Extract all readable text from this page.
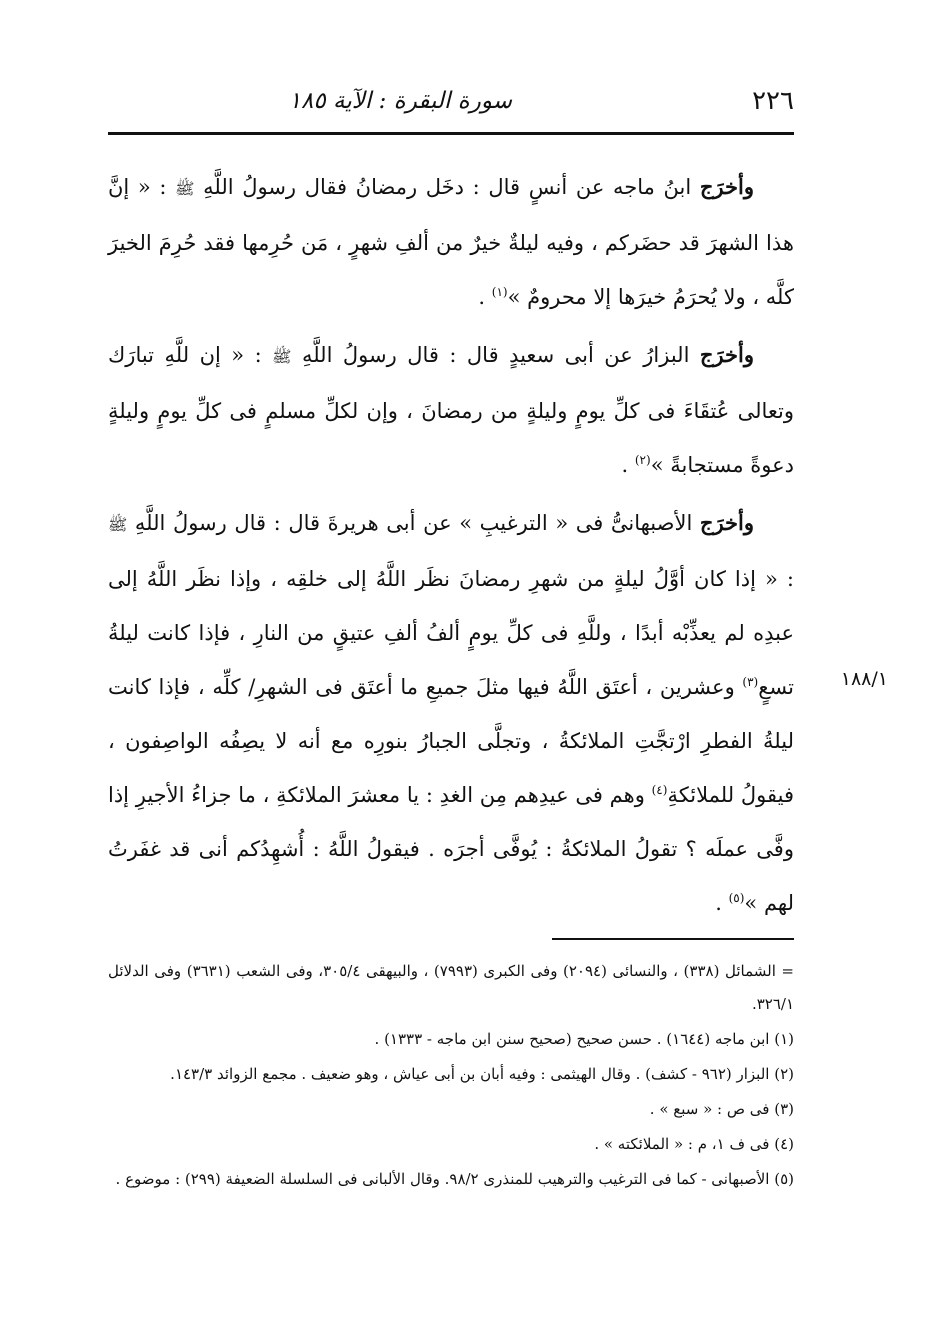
٢٢٦
سورة البقرة : الآية ١٨٥
١٨٨/١

وأخرَج ابنُ ماجه عن أنسٍ قال : دخَل رمضانُ فقال رسولُ اللَّهِ ﷺ : « إنَّ هذا الشهرَ قد حضَركم ، وفيه ليلةٌ خيرٌ من ألفِ شهرٍ ، مَن حُرِمها فقد حُرِمَ الخيرَ كلَّه ، ولا يُحرَمُ خيرَها إلا محرومٌ »$^{(١)}$ .

وأخرَج البزارُ عن أبى سعيدٍ قال : قال رسولُ اللَّهِ ﷺ : « إن للَّهِ تبارَك وتعالى عُتقَاءَ فى كلِّ يومٍ وليلةٍ من رمضانَ ، وإن لكلِّ مسلمٍ فى كلِّ يومٍ وليلةٍ دعوةً مستجابةً »$^{(٢)}$ .

وأخرَج الأصبهانىُّ فى « الترغيبِ » عن أبى هريرةَ قال : قال رسولُ اللَّهِ ﷺ : « إذا كان أوَّلُ ليلةٍ من شهرِ رمضانَ نظَر اللَّهُ إلى خلقِه ، وإذا نظَر اللَّهُ إلى عبدِه لم يعذِّبْه أبدًا ، وللَّهِ فى كلِّ يومٍ ألفُ ألفِ عتيقٍ من النارِ ، فإذا كانت ليلةُ تسعٍ$^{(٣)}$ وعشرين ، أعتَق اللَّهُ فيها مثلَ جميعِ ما أعتَق فى الشهرِ/ كلِّه ، فإذا كانت ليلةُ الفطرِ ارْتجَّتِ الملائكةُ ، وتجلَّى الجبارُ بنورِه مع أنه لا يصِفُه الواصِفون ، فيقولُ للملائكةِ$^{(٤)}$ وهم فى عيدِهم مِن الغدِ : يا معشرَ الملائكةِ ، ما جزاءُ الأجيرِ إذا وفَّى عملَه ؟ تقولُ الملائكةُ : يُوفَّى أجرَه . فيقولُ اللَّهُ : أُشهِدُكم أنى قد غفَرتُ لهم »$^{(٥)}$ .

= الشمائل (٣٣٨) ، والنسائى (٢٠٩٤) وفى الكبرى (٧٩٩٣) ، والبيهقى ٣٠٥/٤، وفى الشعب (٣٦٣١) وفى الدلائل ٣٢٦/١.

(١) ابن ماجه (١٦٤٤) . حسن صحيح (صحيح سنن ابن ماجه - ١٣٣٣) .

(٢) البزار (٩٦٢ - كشف) . وقال الهيثمى : وفيه أبان بن أبى عياش ، وهو ضعيف . مجمع الزوائد ١٤٣/٣.

(٣) فى ص : « سبع » .

(٤) فى ف ١، م : « الملائكته » .

(٥) الأصبهانى - كما فى الترغيب والترهيب للمنذرى ٩٨/٢. وقال الألبانى فى السلسلة الضعيفة (٢٩٩) : موضوع .
